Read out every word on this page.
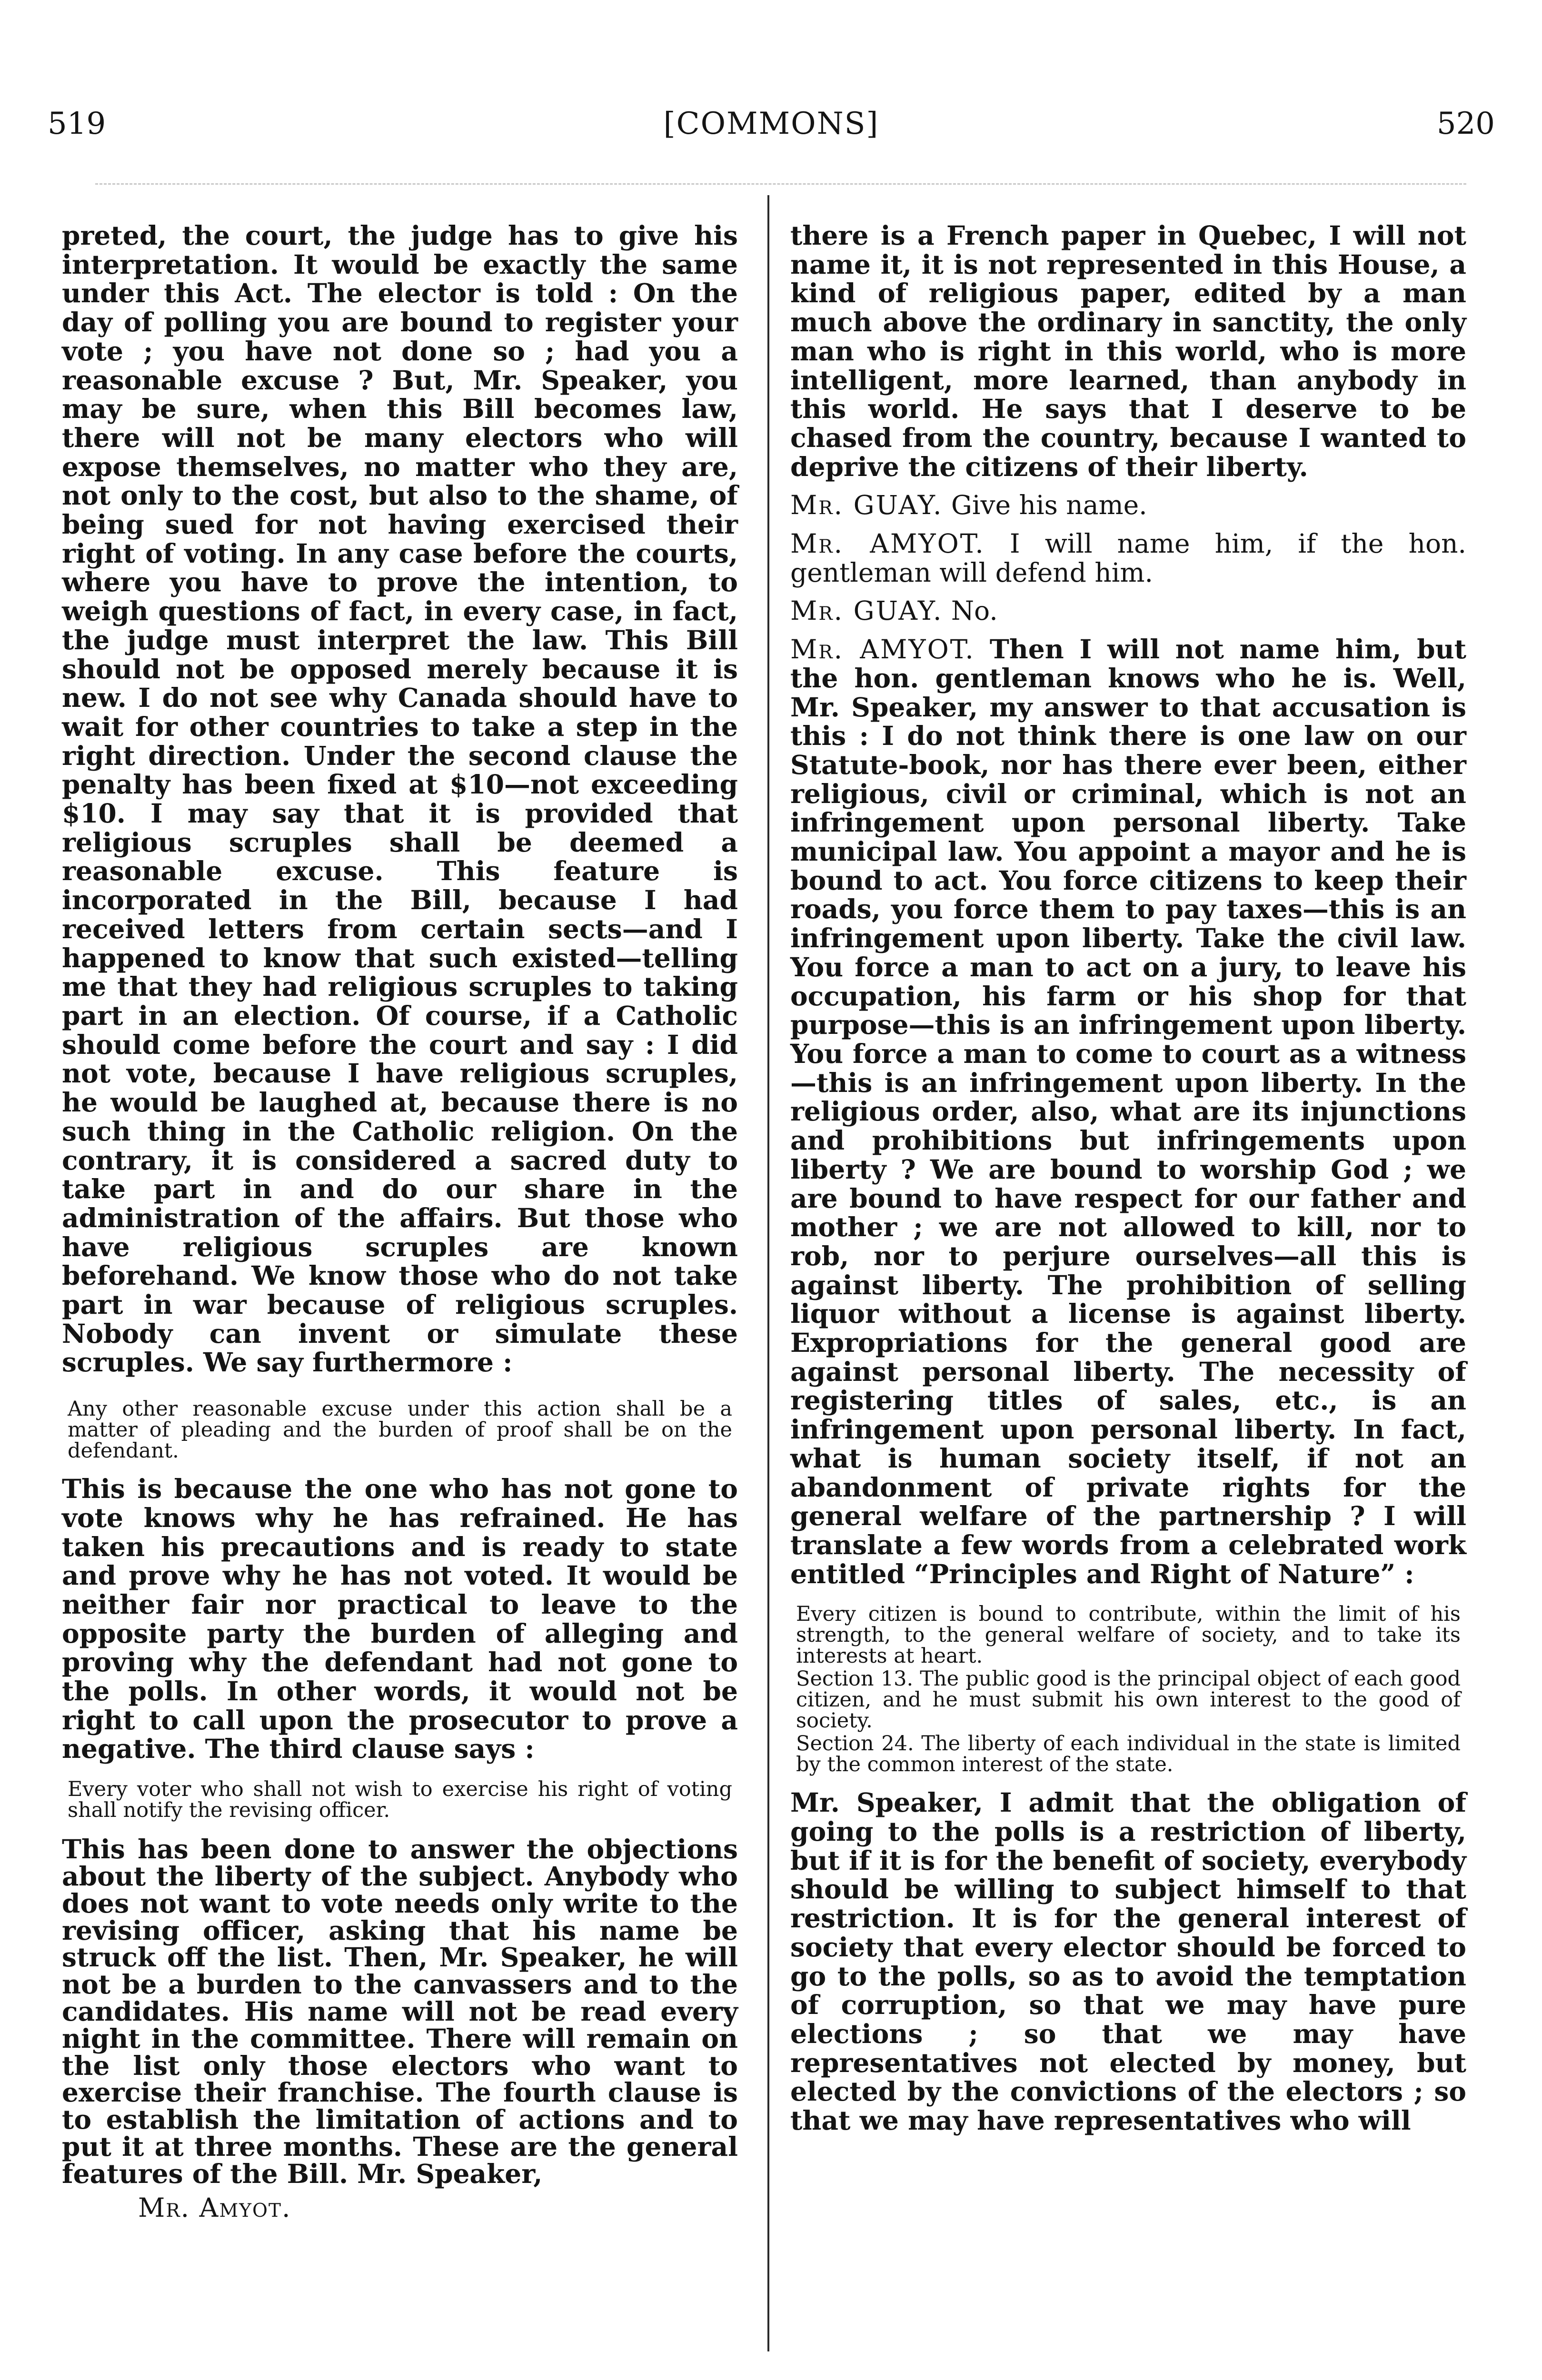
519	[COMMONS]	520

preted, the court, the judge has to give his interpretation. It would be exactly the same under this Act. The elector is told : On the day of polling you are bound to register your vote ; you have not done so ; had you a reasonable excuse ? But, Mr. Speaker, you may be sure, when this Bill becomes law, there will not be many electors who will expose themselves, no matter who they are, not only to the cost, but also to the shame, of being sued for not having exercised their right of voting. In any case before the courts, where you have to prove the intention, to weigh questions of fact, in every case, in fact, the judge must interpret the law. This Bill should not be opposed merely because it is new. I do not see why Canada should have to wait for other countries to take a step in the right direction. Under the second clause the penalty has been fixed at $10—not exceeding $10. I may say that it is provided that religious scruples shall be deemed a reasonable excuse. This feature is incorporated in the Bill, because I had received letters from certain sects—and I happened to know that such existed—telling me that they had religious scruples to taking part in an election. Of course, if a Catholic should come before the court and say : I did not vote, because I have religious scruples, he would be laughed at, because there is no such thing in the Catholic religion. On the contrary, it is considered a sacred duty to take part in and do our share in the administration of the affairs. But those who have religious scruples are known beforehand. We know those who do not take part in war because of religious scruples. Nobody can invent or simulate these scruples. We say furthermore :

Any other reasonable excuse under this action shall be a matter of pleading and the burden of proof shall be on the defendant.

This is because the one who has not gone to vote knows why he has refrained. He has taken his precautions and is ready to state and prove why he has not voted. It would be neither fair nor practical to leave to the opposite party the burden of alleging and proving why the defendant had not gone to the polls. In other words, it would not be right to call upon the prosecutor to prove a negative. The third clause says :

Every voter who shall not wish to exercise his right of voting shall notify the revising officer.

This has been done to answer the objections about the liberty of the subject. Anybody who does not want to vote needs only write to the revising officer, asking that his name be struck off the list. Then, Mr. Speaker, he will not be a burden to the canvassers and to the candidates. His name will not be read every night in the committee. There will remain on the list only those electors who want to exercise their franchise. The fourth clause is to establish the limitation of actions and to put it at three months. These are the general features of the Bill. Mr. Speaker,

Mr. Amyot.

there is a French paper in Quebec, I will not name it, it is not represented in this House, a kind of religious paper, edited by a man much above the ordinary in sanctity, the only man who is right in this world, who is more intelligent, more learned, than anybody in this world. He says that I deserve to be chased from the country, because I wanted to deprive the citizens of their liberty.

Mr. GUAY. Give his name.

Mr. AMYOT. I will name him, if the hon. gentleman will defend him.

Mr. GUAY. No.

Mr. AMYOT. Then I will not name him, but the hon. gentleman knows who he is. Well, Mr. Speaker, my answer to that accusation is this : I do not think there is one law on our Statute-book, nor has there ever been, either religious, civil or criminal, which is not an infringement upon personal liberty. Take municipal law. You appoint a mayor and he is bound to act. You force citizens to keep their roads, you force them to pay taxes—this is an infringement upon liberty. Take the civil law. You force a man to act on a jury, to leave his occupation, his farm or his shop for that purpose—this is an infringement upon liberty. You force a man to come to court as a witness—this is an infringement upon liberty. In the religious order, also, what are its injunctions and prohibitions but infringements upon liberty ? We are bound to worship God ; we are bound to have respect for our father and mother ; we are not allowed to kill, nor to rob, nor to perjure ourselves—all this is against liberty. The prohibition of selling liquor without a license is against liberty. Expropriations for the general good are against personal liberty. The necessity of registering titles of sales, etc., is an infringement upon personal liberty. In fact, what is human society itself, if not an abandonment of private rights for the general welfare of the partnership ? I will translate a few words from a celebrated work entitled “Principles and Right of Nature” :

Every citizen is bound to contribute, within the limit of his strength, to the general welfare of society, and to take its interests at heart.
Section 13. The public good is the principal object of each good citizen, and he must submit his own interest to the good of society.
Section 24. The liberty of each individual in the state is limited by the common interest of the state.

Mr. Speaker, I admit that the obligation of going to the polls is a restriction of liberty, but if it is for the benefit of society, everybody should be willing to subject himself to that restriction. It is for the general interest of society that every elector should be forced to go to the polls, so as to avoid the temptation of corruption, so that we may have pure elections ; so that we may have representatives not elected by money, but elected by the convictions of the electors ; so that we may have representatives who will
